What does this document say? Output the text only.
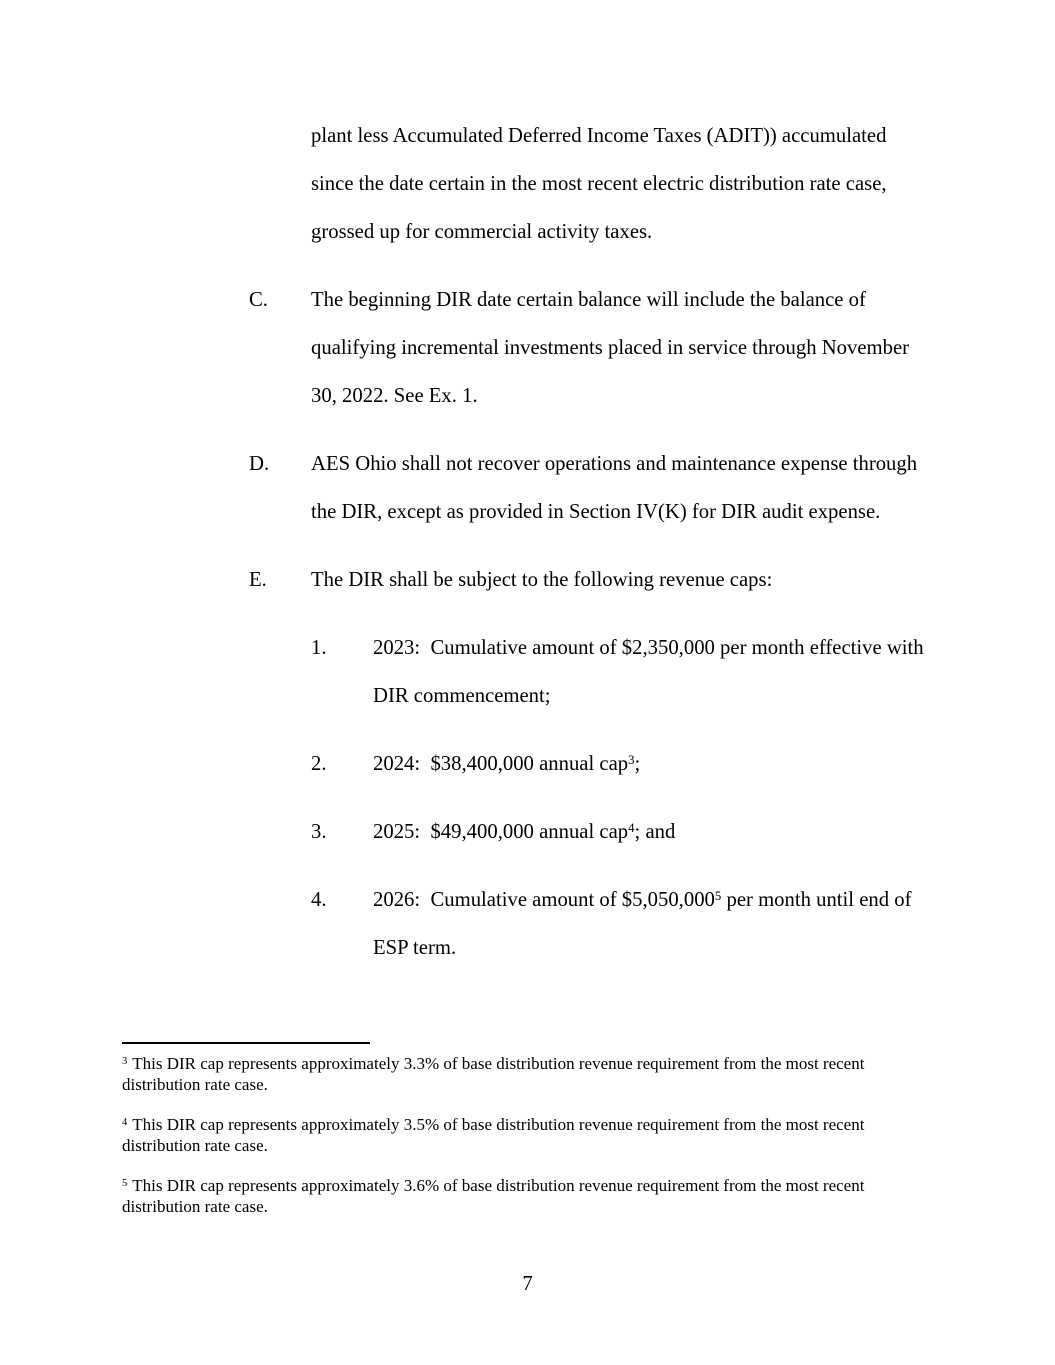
plant less Accumulated Deferred Income Taxes (ADIT)) accumulated since the date certain in the most recent electric distribution rate case, grossed up for commercial activity taxes.

C.	The beginning DIR date certain balance will include the balance of qualifying incremental investments placed in service through November 30, 2022. See Ex. 1.
D.	AES Ohio shall not recover operations and maintenance expense through the DIR, except as provided in Section IV(K) for DIR audit expense.
E.	The DIR shall be subject to the following revenue caps:
1.	2023:  Cumulative amount of $2,350,000 per month effective with DIR commencement;
2.	2024:  $38,400,000 annual cap$^3$;
3.	2025:  $49,400,000 annual cap$^4$; and
4.	2026:  Cumulative amount of $5,050,000$^5$ per month until end of ESP term.

$^3$ This DIR cap represents approximately 3.3% of base distribution revenue requirement from the most recent distribution rate case.

$^4$ This DIR cap represents approximately 3.5% of base distribution revenue requirement from the most recent distribution rate case.

$^5$ This DIR cap represents approximately 3.6% of base distribution revenue requirement from the most recent distribution rate case.

7
